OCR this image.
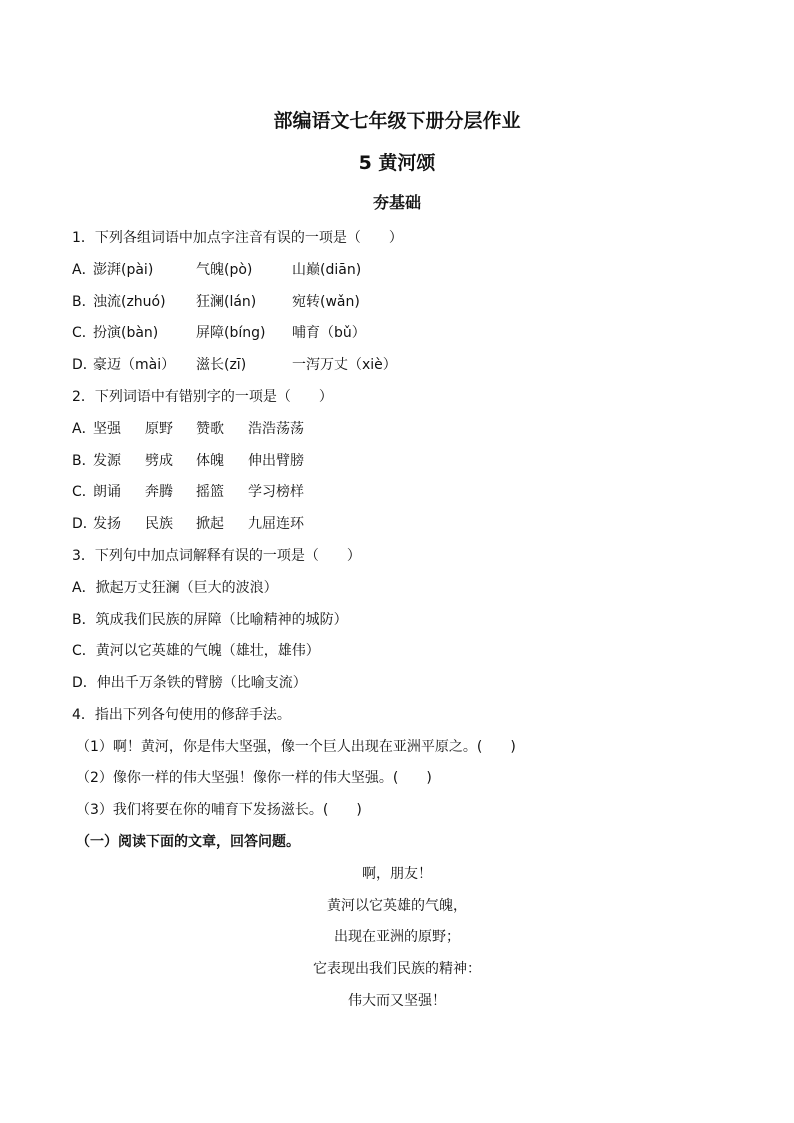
部编语文七年级下册分层作业
5 黄河颂
夯基础
1．下列各组词语中加点字注音有误的一项是（　　）
A．
澎湃(pài)	气魄(pò)	山巅(diān)
B．
浊流(zhuó) 狂澜(lán)	宛转(wǎn)
C．
扮演(bàn)	屏障(bíng) 哺育（bǔ）
D．
豪迈（mài） 滋长(zī)	一泻万丈（xiè）
2．下列词语中有错别字的一项是（　　）
A．
坚强 原野 赞歌 浩浩荡荡
B．
发源 劈成 体魄 伸出臂膀
C．
朗诵 奔腾 摇篮 学习榜样
D．
发扬 民族 掀起 九屈连环
3．下列句中加点词解释有误的一项是（　　）
A．掀起万丈狂澜（巨大的波浪）
B．筑成我们民族的屏障（比喻精神的城防）
C．黄河以它英雄的气魄（雄壮，雄伟）
D．伸出千万条铁的臂膀（比喻支流）
4．指出下列各句使用的修辞手法。
（1）啊！黄河，你是伟大坚强，像一个巨人出现在亚洲平原之。(　　)
（2）像你一样的伟大坚强！像你一样的伟大坚强。(　　)
（3）我们将要在你的哺育下发扬滋长。(　　)
（一）阅读下面的文章，回答问题。
啊，朋友！
黄河以它英雄的气魄，
出现在亚洲的原野；
它表现出我们民族的精神：
伟大而又坚强！
